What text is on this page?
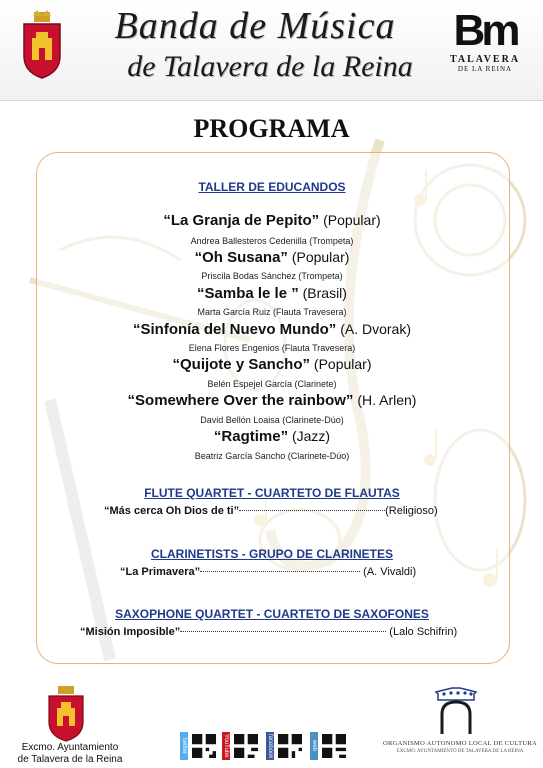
Banda de Música
de Talavera de la Reina
Bm
TALAVERA
DE LA REINA
PROGRAMA
TALLER DE EDUCANDOS
“La Granja de Pepito” (Popular)
Andrea Ballesteros Cedenilla (Trompeta)
“Oh Susana” (Popular)
Priscila Bodas Sánchez (Trompeta)
“Samba le le ” (Brasil)
Marta García Ruiz (Flauta Travesera)
“Sinfonía del Nuevo Mundo” (A. Dvorak)
Elena Flores Engenios (Flauta Travesera)
“Quijote y Sancho” (Popular)
Belén Espejel García (Clarinete)
“Somewhere Over the rainbow” (H. Arlen)
David Bellón Loaisa (Clarinete-Dúo)
“Ragtime” (Jazz)
Beatriz García Sancho (Clarinete-Dúo)
FLUTE QUARTET - CUARTETO DE FLAUTAS
“Más cerca Oh Dios de ti”	(Religioso)
CLARINETISTS - GRUPO DE CLARINETES
“La Primavera”	(A. Vivaldi)
SAXOPHONE QUARTET - CUARTETO DE SAXOFONES
“Misión Imposible”	(Lalo Schifrin)
Excmo. Ayuntamiento
de Talavera de la Reina
twitter	YouTube	facebook	web	ORGANISMO AUTONOMO LOCAL DE CULTURA
EXCMO. AYUNTAMIENTO DE TALAVERA DE LA REINA
